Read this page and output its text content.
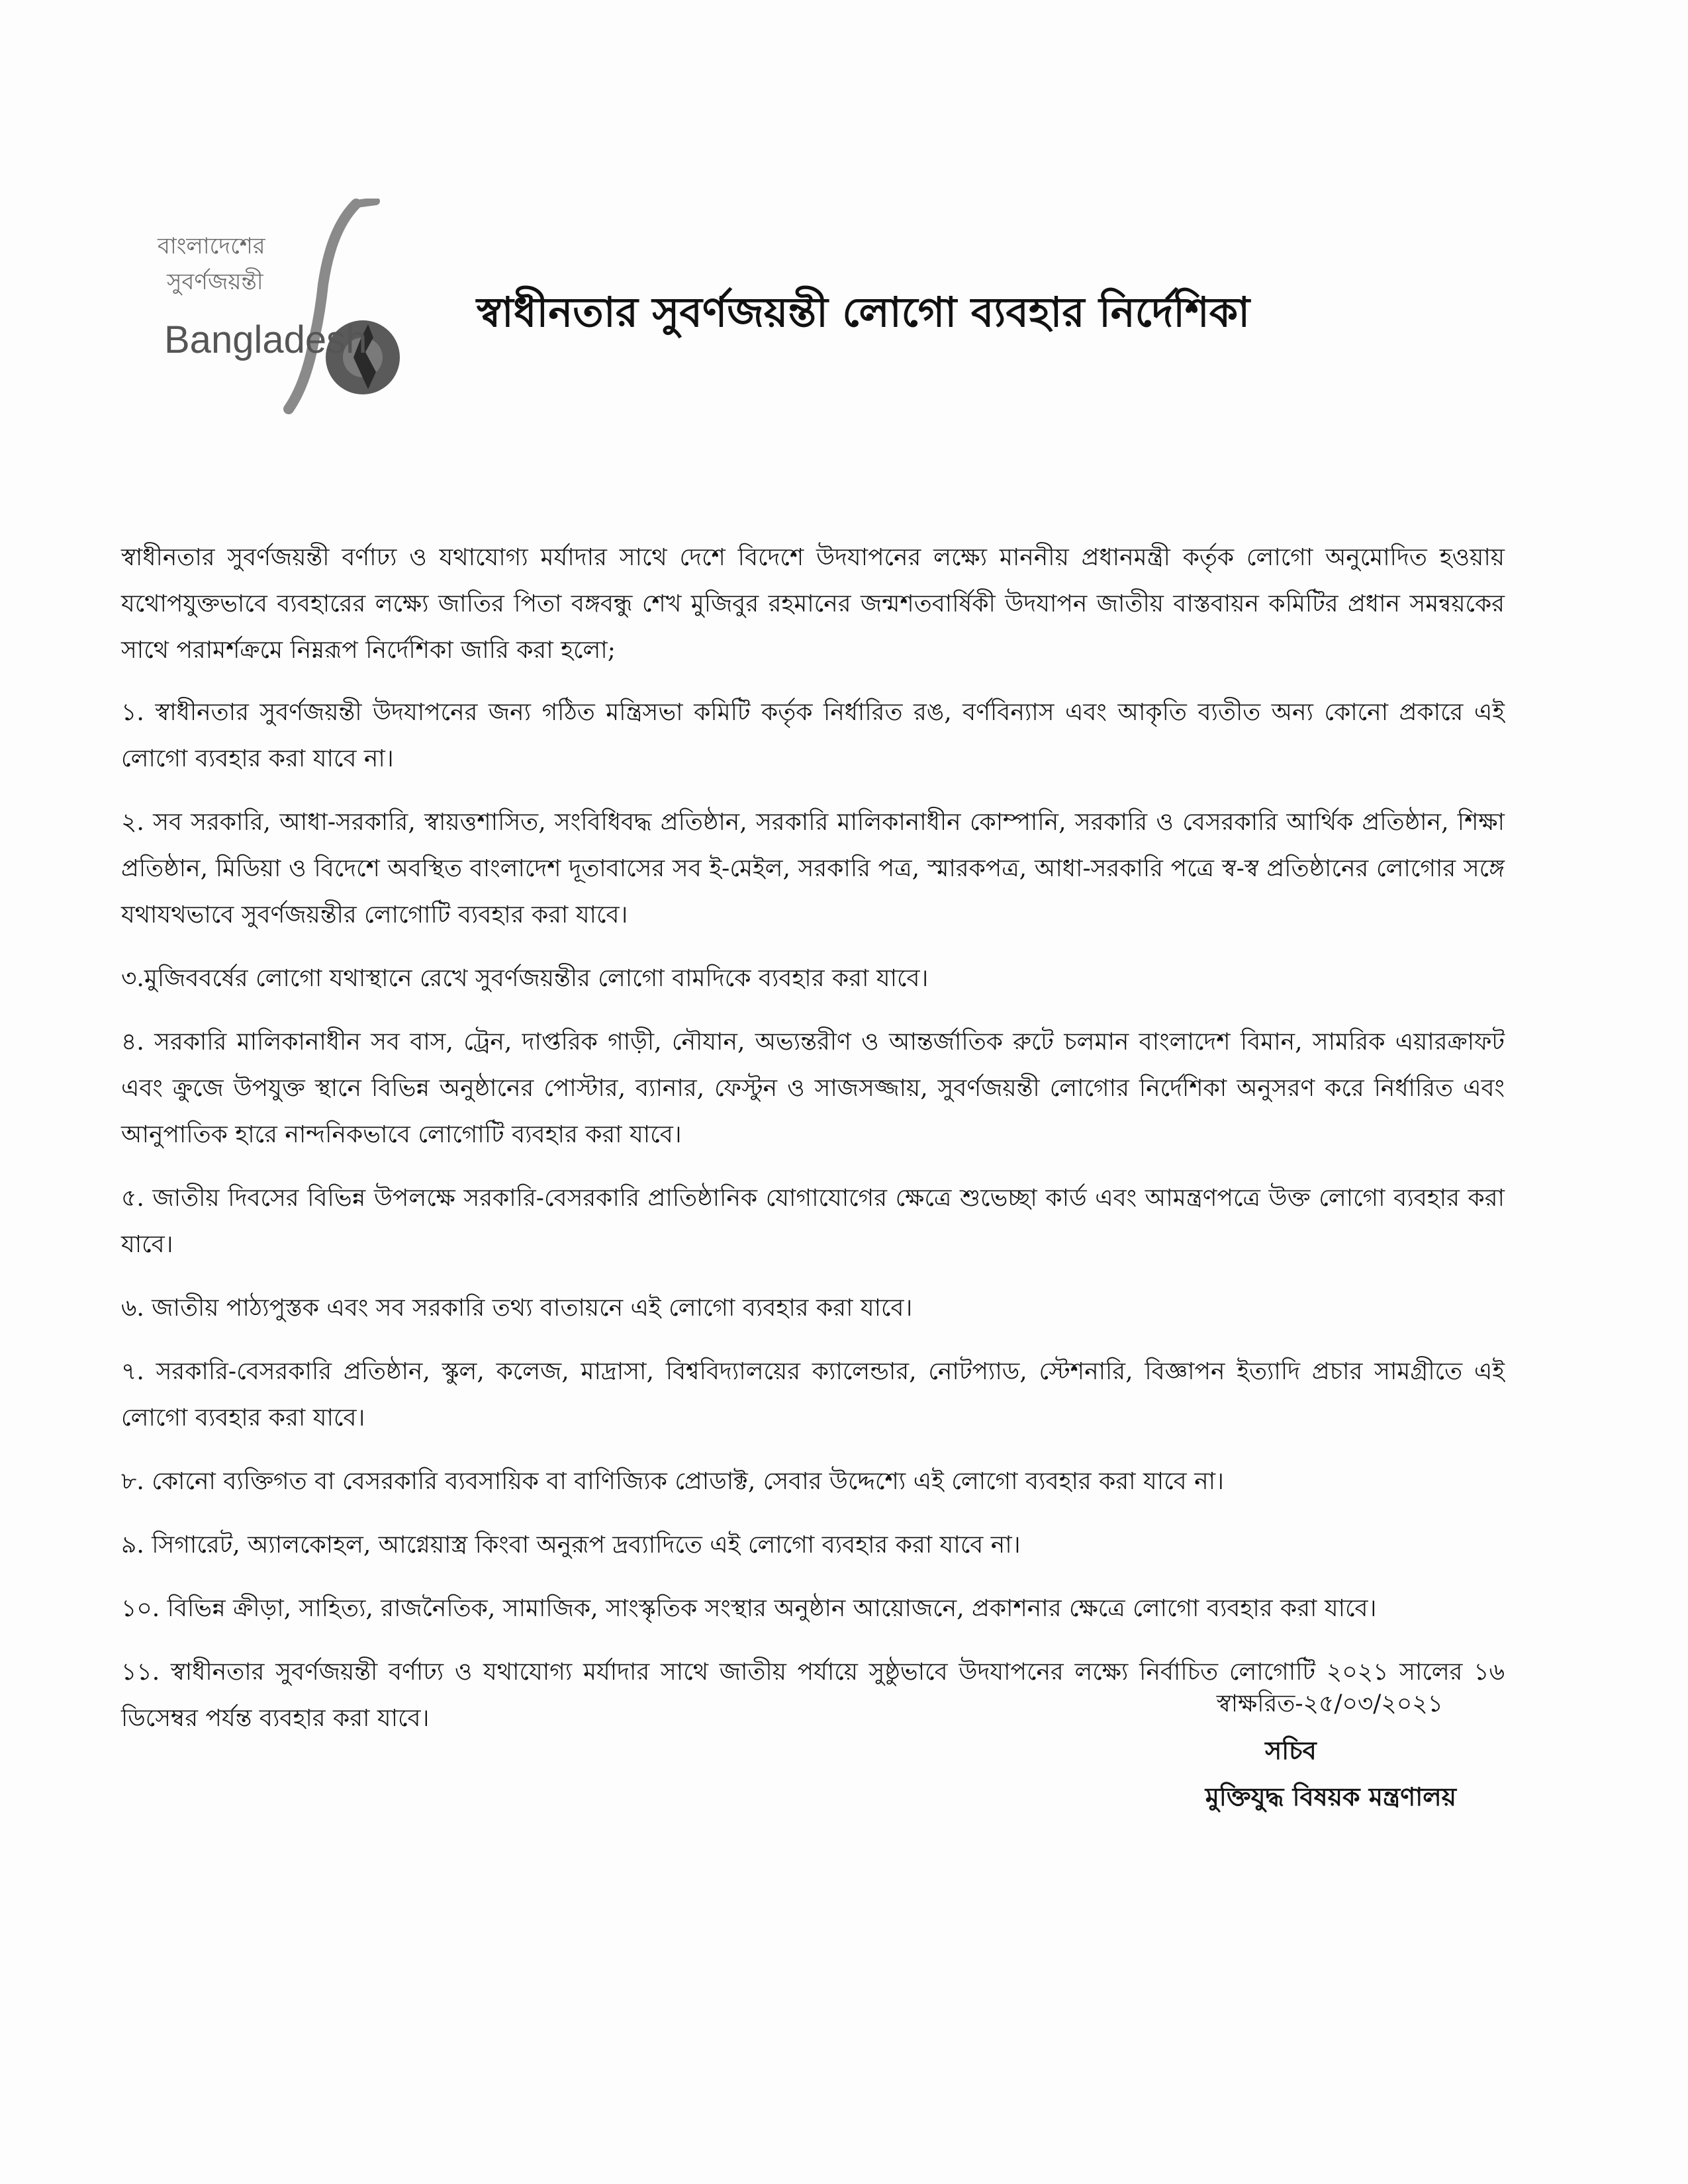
বাংলাদেশের
সুবর্ণজয়ন্তী
Bangladesh
স্বাধীনতার সুবর্ণজয়ন্তী লোগো ব্যবহার নির্দেশিকা

স্বাধীনতার সুবর্ণজয়ন্তী বর্ণাঢ্য ও যথাযোগ্য মর্যাদার সাথে দেশে বিদেশে উদযাপনের লক্ষ্যে মাননীয় প্রধানমন্ত্রী কর্তৃক লোগো অনুমোদিত হওয়ায় যথোপযুক্তভাবে ব্যবহারের লক্ষ্যে জাতির পিতা বঙ্গবন্ধু শেখ মুজিবুর রহমানের জন্মশতবার্ষিকী উদযাপন জাতীয় বাস্তবায়ন কমিটির প্রধান সমন্বয়কের সাথে পরামর্শক্রমে নিম্নরূপ নির্দেশিকা জারি করা হলো;

১. স্বাধীনতার সুবর্ণজয়ন্তী উদযাপনের জন্য গঠিত মন্ত্রিসভা কমিটি কর্তৃক নির্ধারিত রঙ, বর্ণবিন্যাস এবং আকৃতি ব্যতীত অন্য কোনো প্রকারে এই লোগো ব্যবহার করা যাবে না।

২. সব সরকারি, আধা-সরকারি, স্বায়ত্তশাসিত, সংবিধিবদ্ধ প্রতিষ্ঠান, সরকারি মালিকানাধীন কোম্পানি, সরকারি ও বেসরকারি আর্থিক প্রতিষ্ঠান, শিক্ষা প্রতিষ্ঠান, মিডিয়া ও বিদেশে অবস্থিত বাংলাদেশ দূতাবাসের সব ই-মেইল, সরকারি পত্র, স্মারকপত্র, আধা-সরকারি পত্রে স্ব-স্ব প্রতিষ্ঠানের লোগোর সঙ্গে যথাযথভাবে সুবর্ণজয়ন্তীর লোগোটি ব্যবহার করা যাবে।

৩.মুজিববর্ষের লোগো যথাস্থানে রেখে সুবর্ণজয়ন্তীর লোগো বামদিকে ব্যবহার করা যাবে।

৪. সরকারি মালিকানাধীন সব বাস, ট্রেন, দাপ্তরিক গাড়ী, নৌযান, অভ্যন্তরীণ ও আন্তর্জাতিক রুটে চলমান বাংলাদেশ বিমান, সামরিক এয়ারক্রাফট এবং ক্রুজে উপযুক্ত স্থানে বিভিন্ন অনুষ্ঠানের পোস্টার, ব্যানার, ফেস্টুন ও সাজসজ্জায়, সুবর্ণজয়ন্তী লোগোর নির্দেশিকা অনুসরণ করে নির্ধারিত এবং আনুপাতিক হারে নান্দনিকভাবে লোগোটি ব্যবহার করা যাবে।

৫. জাতীয় দিবসের বিভিন্ন উপলক্ষে সরকারি-বেসরকারি প্রাতিষ্ঠানিক যোগাযোগের ক্ষেত্রে শুভেচ্ছা কার্ড এবং আমন্ত্রণপত্রে উক্ত লোগো ব্যবহার করা যাবে।

৬. জাতীয় পাঠ্যপুস্তক এবং সব সরকারি তথ্য বাতায়নে এই লোগো ব্যবহার করা যাবে।

৭. সরকারি-বেসরকারি প্রতিষ্ঠান, স্কুল, কলেজ, মাদ্রাসা, বিশ্ববিদ্যালয়ের ক্যালেন্ডার, নোটপ্যাড, স্টেশনারি, বিজ্ঞাপন ইত্যাদি প্রচার সামগ্রীতে এই লোগো ব্যবহার করা যাবে।

৮. কোনো ব্যক্তিগত বা বেসরকারি ব্যবসায়িক বা বাণিজ্যিক প্রোডাক্ট, সেবার উদ্দেশ্যে এই লোগো ব্যবহার করা যাবে না।

৯. সিগারেট, অ্যালকোহল, আগ্নেয়াস্ত্র কিংবা অনুরূপ দ্রব্যাদিতে এই লোগো ব্যবহার করা যাবে না।

১০. বিভিন্ন ক্রীড়া, সাহিত্য, রাজনৈতিক, সামাজিক, সাংস্কৃতিক সংস্থার অনুষ্ঠান আয়োজনে, প্রকাশনার ক্ষেত্রে লোগো ব্যবহার করা যাবে।

১১. স্বাধীনতার সুবর্ণজয়ন্তী বর্ণাঢ্য ও যথাযোগ্য মর্যাদার সাথে জাতীয় পর্যায়ে সুষ্ঠুভাবে উদযাপনের লক্ষ্যে নির্বাচিত লোগোটি ২০২১ সালের ১৬ ডিসেম্বর পর্যন্ত ব্যবহার করা যাবে।

স্বাক্ষরিত-২৫/০৩/২০২১
সচিব
মুক্তিযুদ্ধ বিষয়ক মন্ত্রণালয়
